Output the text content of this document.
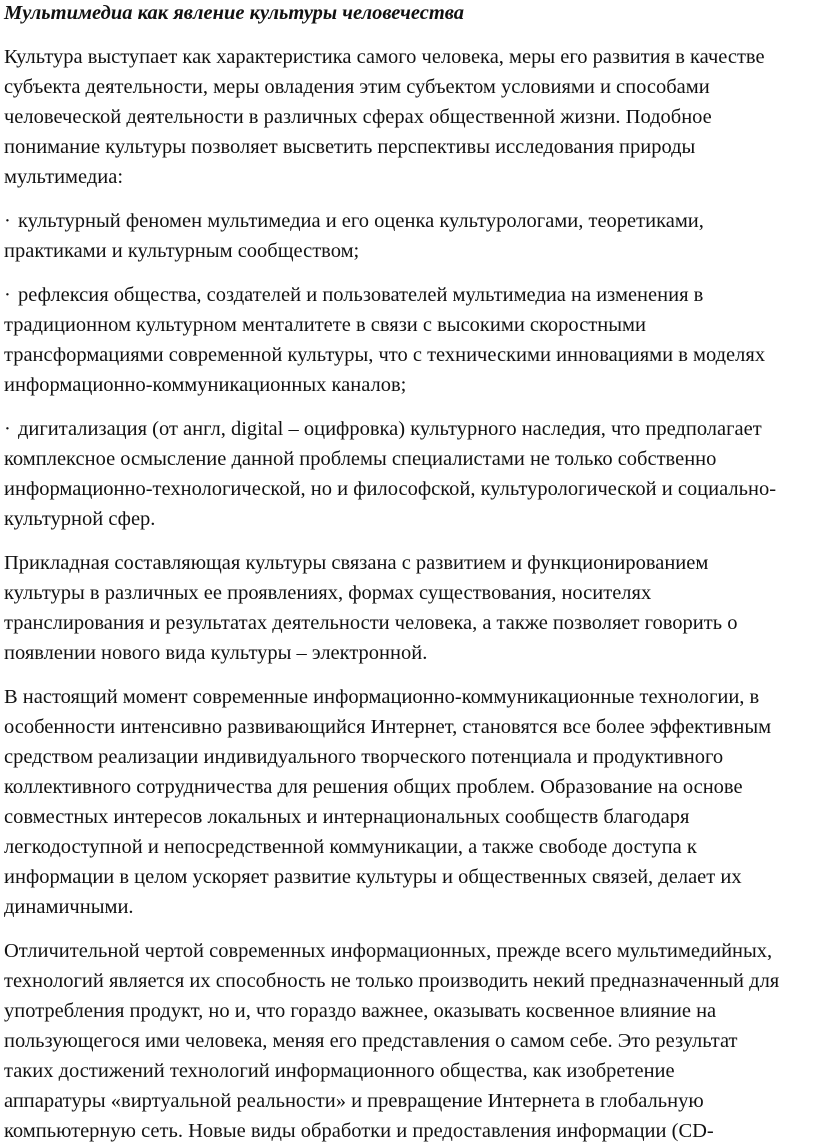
Мультимедиа как явление культуры человечества

Культура выступает как характеристика самого человека, меры его развития в качестве
субъекта деятельности, меры овладения этим субъектом условиями и способами
человеческой деятельности в различных сферах общественной жизни. Подобное
понимание культуры позволяет высветить перспективы исследования природы
мультимедиа:
· культурный феномен мультимедиа и его оценка культурологами, теоретиками,
практиками и культурным сообществом;
· рефлексия общества, создателей и пользователей мультимедиа на изменения в
традиционном культурном менталитете в связи с высокими скоростными
трансформациями современной культуры, что с техническими инновациями в моделях
информационно-коммуникационных каналов;
· дигитализация (от англ, digital – оцифровка) культурного наследия, что предполагает
комплексное осмысление данной проблемы специалистами не только собственно
информационно-технологической, но и философской, культурологической и социально-
культурной сфер.
Прикладная составляющая культуры связана с развитием и функционированием
культуры в различных ее проявлениях, формах существования, носителях
транслирования и результатах деятельности человека, а также позволяет говорить о
появлении нового вида культуры – электронной.
В настоящий момент современные информационно-коммуникационные технологии, в
особенности интенсивно развивающийся Интернет, становятся все более эффективным
средством реализации индивидуального творческого потенциала и продуктивного
коллективного сотрудничества для решения общих проблем. Образование на основе
совместных интересов локальных и интернациональных сообществ благодаря
легкодоступной и непосредственной коммуникации, а также свободе доступа к
информации в целом ускоряет развитие культуры и общественных связей, делает их
динамичными.
Отличительной чертой современных информационных, прежде всего мультимедийных,
технологий является их способность не только производить некий предназначенный для
употребления продукт, но и, что гораздо важнее, оказывать косвенное влияние на
пользующегося ими человека, меняя его представления о самом себе. Это результат
таких достижений технологий информационного общества, как изобретение
аппаратуры «виртуальной реальности» и превращение Интернета в глобальную
компьютерную сеть. Новые виды обработки и предоставления информации (CD-
